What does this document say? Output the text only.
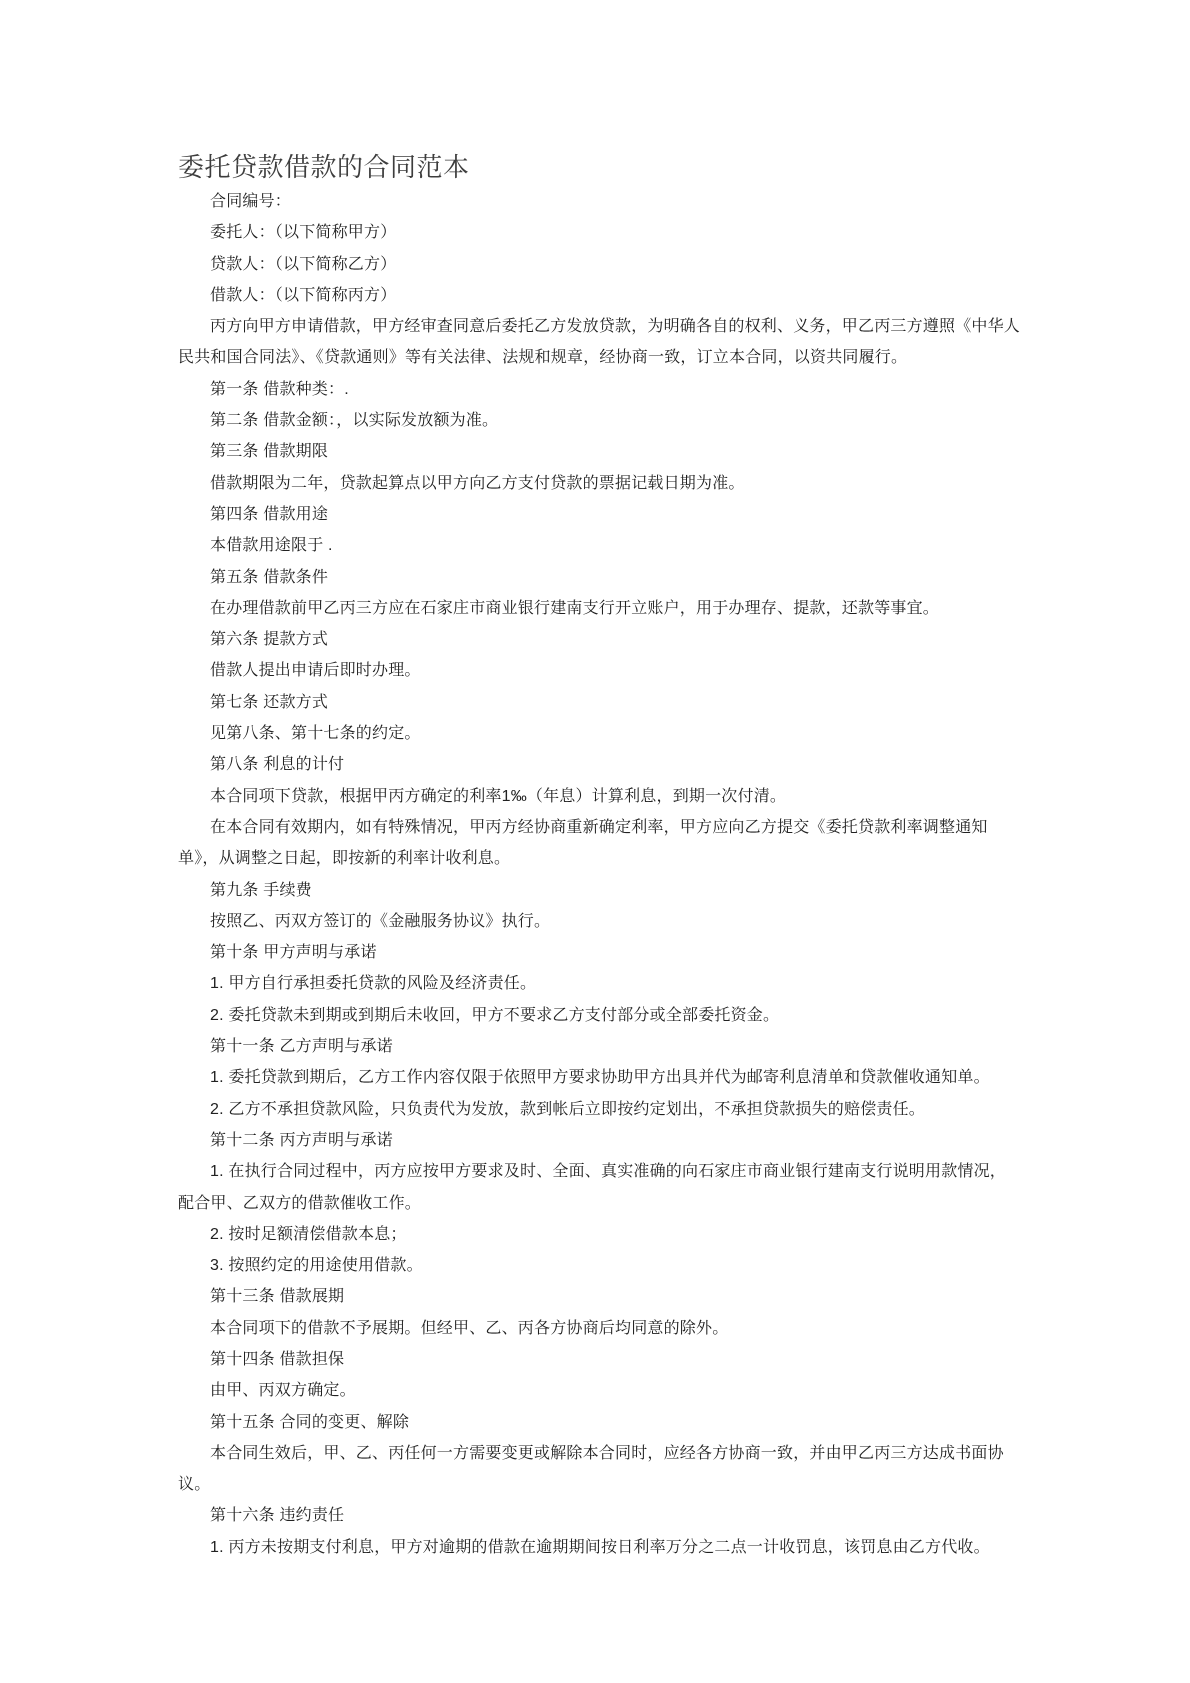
委托贷款借款的合同范本

合同编号：

委托人：（以下简称甲方）

贷款人：（以下简称乙方）

借款人：（以下简称丙方）

丙方向甲方申请借款，甲方经审查同意后委托乙方发放贷款，为明确各自的权利、义务，甲乙丙三方遵照《中华人民共和国合同法》、《贷款通则》等有关法律、法规和规章，经协商一致，订立本合同，以资共同履行。

第一条 借款种类：.

第二条 借款金额：，以实际发放额为准。

第三条 借款期限

借款期限为二年，贷款起算点以甲方向乙方支付贷款的票据记载日期为准。

第四条 借款用途

本借款用途限于 .

第五条 借款条件

在办理借款前甲乙丙三方应在石家庄市商业银行建南支行开立账户，用于办理存、提款，还款等事宜。

第六条 提款方式

借款人提出申请后即时办理。

第七条 还款方式

见第八条、第十七条的约定。

第八条 利息的计付

本合同项下贷款，根据甲丙方确定的利率1‰（年息）计算利息，到期一次付清。

在本合同有效期内，如有特殊情况，甲丙方经协商重新确定利率，甲方应向乙方提交《委托贷款利率调整通知单》，从调整之日起，即按新的利率计收利息。

第九条 手续费

按照乙、丙双方签订的《金融服务协议》执行。

第十条 甲方声明与承诺

1. 甲方自行承担委托贷款的风险及经济责任。

2. 委托贷款未到期或到期后未收回，甲方不要求乙方支付部分或全部委托资金。

第十一条 乙方声明与承诺

1. 委托贷款到期后，乙方工作内容仅限于依照甲方要求协助甲方出具并代为邮寄利息清单和贷款催收通知单。

2. 乙方不承担贷款风险，只负责代为发放，款到帐后立即按约定划出，不承担贷款损失的赔偿责任。

第十二条 丙方声明与承诺

1. 在执行合同过程中，丙方应按甲方要求及时、全面、真实准确的向石家庄市商业银行建南支行说明用款情况，配合甲、乙双方的借款催收工作。

2. 按时足额清偿借款本息；

3. 按照约定的用途使用借款。

第十三条 借款展期

本合同项下的借款不予展期。但经甲、乙、丙各方协商后均同意的除外。

第十四条 借款担保

由甲、丙双方确定。

第十五条 合同的变更、解除

本合同生效后，甲、乙、丙任何一方需要变更或解除本合同时，应经各方协商一致，并由甲乙丙三方达成书面协议。

第十六条 违约责任

1. 丙方未按期支付利息，甲方对逾期的借款在逾期期间按日利率万分之二点一计收罚息，该罚息由乙方代收。
